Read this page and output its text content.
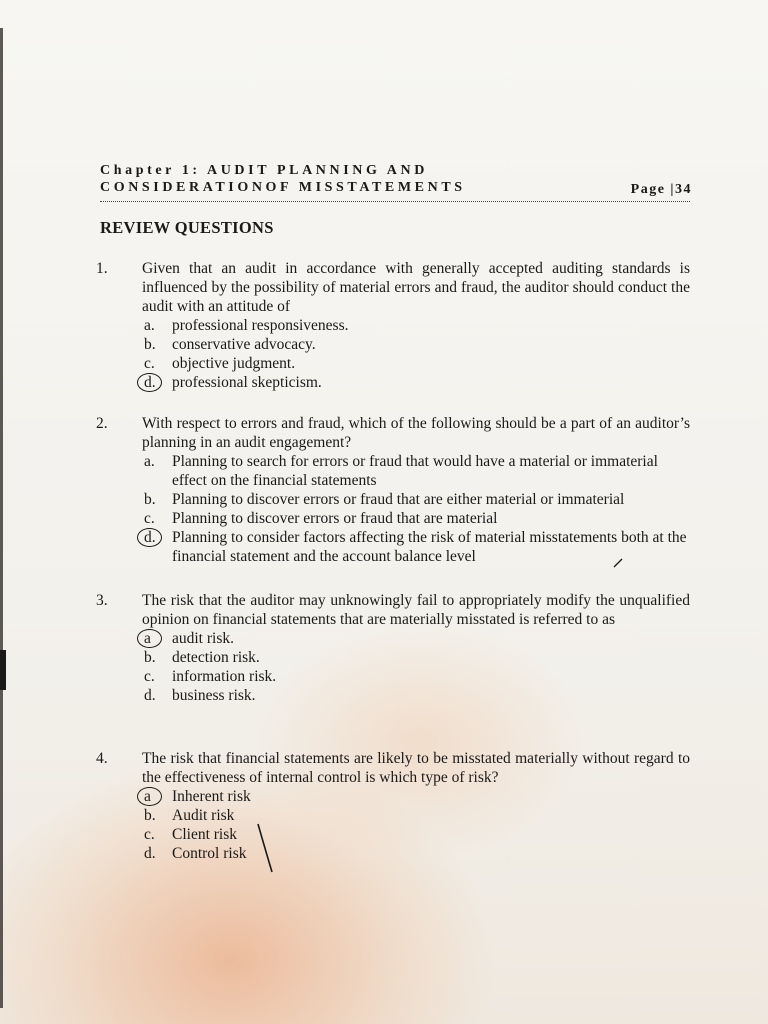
Chapter 1: AUDIT PLANNING AND
CONSIDERATIONOF MISSTATEMENTS	Page |34
REVIEW QUESTIONS
1. Given that an audit in accordance with generally accepted auditing standards is influenced by the possibility of material errors and fraud, the auditor should conduct the audit with an attitude of
a. professional responsiveness.
b. conservative advocacy.
c. objective judgment.
d. professional skepticism.
2. With respect to errors and fraud, which of the following should be a part of an auditor’s planning in an audit engagement?
a. Planning to search for errors or fraud that would have a material or immaterial effect on the financial statements
b. Planning to discover errors or fraud that are either material or immaterial
c. Planning to discover errors or fraud that are material
d. Planning to consider factors affecting the risk of material misstatements both at the financial statement and the account balance level
3. The risk that the auditor may unknowingly fail to appropriately modify the unqualified opinion on financial statements that are materially misstated is referred to as
a audit risk.
b. detection risk.
c. information risk.
d. business risk.
4. The risk that financial statements are likely to be misstated materially without regard to the effectiveness of internal control is which type of risk?
a Inherent risk
b. Audit risk
c. Client risk
d. Control risk
